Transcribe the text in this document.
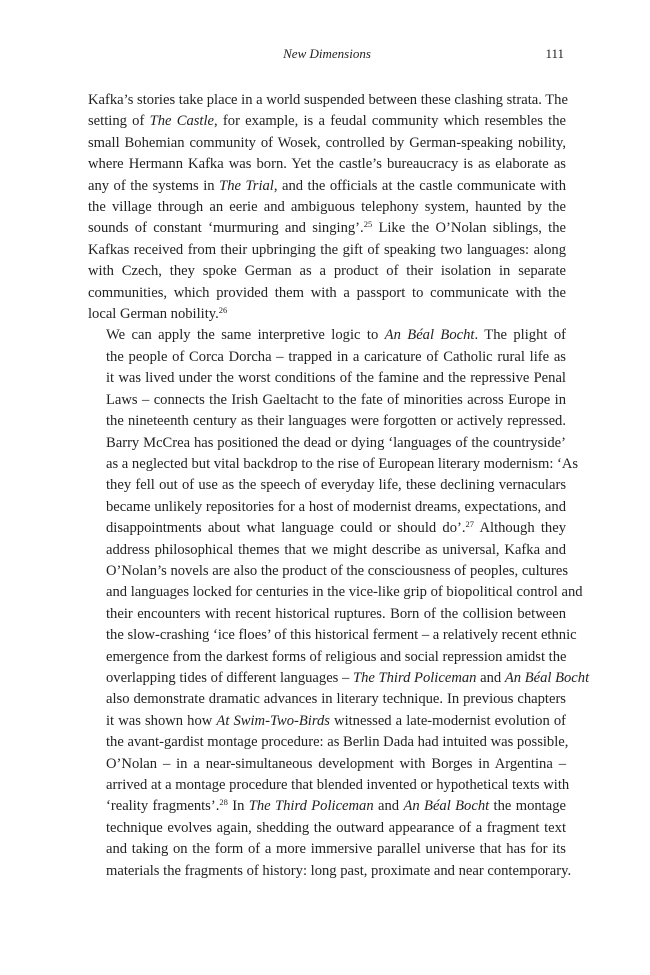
New Dimensions	111

Kafka’s stories take place in a world suspended between these clashing strata. The
setting of The Castle, for example, is a feudal community which resembles the
small Bohemian community of Wosek, controlled by German-speaking nobility,
where Hermann Kafka was born. Yet the castle’s bureaucracy is as elaborate as
any of the systems in The Trial, and the officials at the castle communicate with
the village through an eerie and ambiguous telephony system, haunted by the
sounds of constant ‘murmuring and singing’.$^{25}$ Like the O’Nolan siblings, the
Kafkas received from their upbringing the gift of speaking two languages: along
with Czech, they spoke German as a product of their isolation in separate
communities, which provided them with a passport to communicate with the
local German nobility.$^{26}$

We can apply the same interpretive logic to An Béal Bocht. The plight of
the people of Corca Dorcha – trapped in a caricature of Catholic rural life as
it was lived under the worst conditions of the famine and the repressive Penal
Laws – connects the Irish Gaeltacht to the fate of minorities across Europe in
the nineteenth century as their languages were forgotten or actively repressed.
Barry McCrea has positioned the dead or dying ‘languages of the countryside’
as a neglected but vital backdrop to the rise of European literary modernism: ‘As
they fell out of use as the speech of everyday life, these declining vernaculars
became unlikely repositories for a host of modernist dreams, expectations, and
disappointments about what language could or should do’.$^{27}$ Although they
address philosophical themes that we might describe as universal, Kafka and
O’Nolan’s novels are also the product of the consciousness of peoples, cultures
and languages locked for centuries in the vice-like grip of biopolitical control and
their encounters with recent historical ruptures. Born of the collision between
the slow-crashing ‘ice floes’ of this historical ferment – a relatively recent ethnic
emergence from the darkest forms of religious and social repression amidst the
overlapping tides of different languages – The Third Policeman and An Béal Bocht
also demonstrate dramatic advances in literary technique. In previous chapters
it was shown how At Swim-Two-Birds witnessed a late-modernist evolution of
the avant-gardist montage procedure: as Berlin Dada had intuited was possible,
O’Nolan – in a near-simultaneous development with Borges in Argentina –
arrived at a montage procedure that blended invented or hypothetical texts with
‘reality fragments’.$^{28}$ In The Third Policeman and An Béal Bocht the montage
technique evolves again, shedding the outward appearance of a fragment text
and taking on the form of a more immersive parallel universe that has for its
materials the fragments of history: long past, proximate and near contemporary.
